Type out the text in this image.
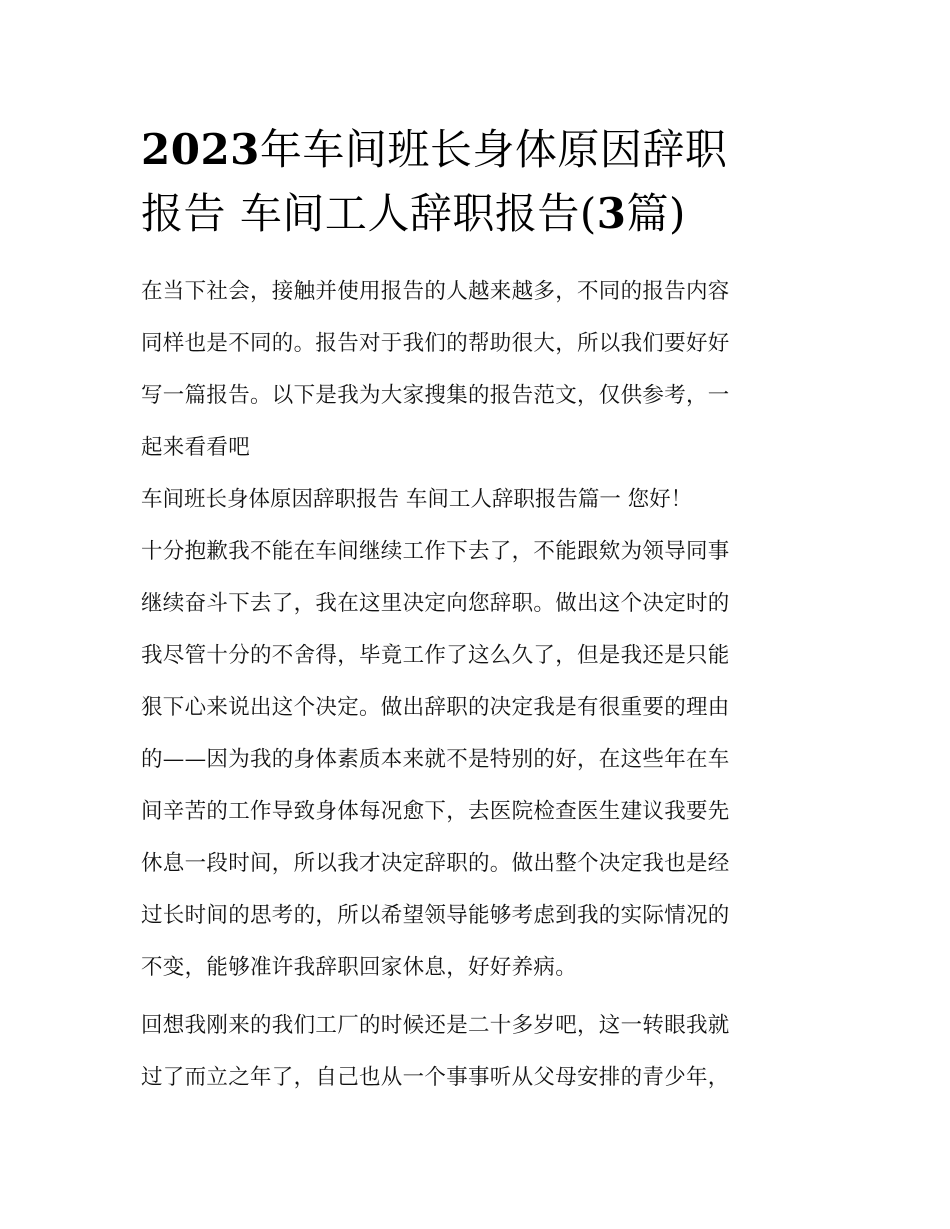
2023年车间班长身体原因辞职
报告 车间工人辞职报告(3篇)

在当下社会，接触并使用报告的人越来越多，不同的报告内容
同样也是不同的。报告对于我们的帮助很大，所以我们要好好
写一篇报告。以下是我为大家搜集的报告范文，仅供参考，一
起来看看吧

车间班长身体原因辞职报告 车间工人辞职报告篇一 您好！

十分抱歉我不能在车间继续工作下去了，不能跟欸为领导同事
继续奋斗下去了，我在这里决定向您辞职。做出这个决定时的
我尽管十分的不舍得，毕竟工作了这么久了，但是我还是只能
狠下心来说出这个决定。做出辞职的决定我是有很重要的理由
的——因为我的身体素质本来就不是特别的好，在这些年在车
间辛苦的工作导致身体每况愈下，去医院检查医生建议我要先
休息一段时间，所以我才决定辞职的。做出整个决定我也是经
过长时间的思考的，所以希望领导能够考虑到我的实际情况的
不变，能够准许我辞职回家休息，好好养病。

回想我刚来的我们工厂的时候还是二十多岁吧，这一转眼我就
过了而立之年了，自己也从一个事事听从父母安排的青少年，
